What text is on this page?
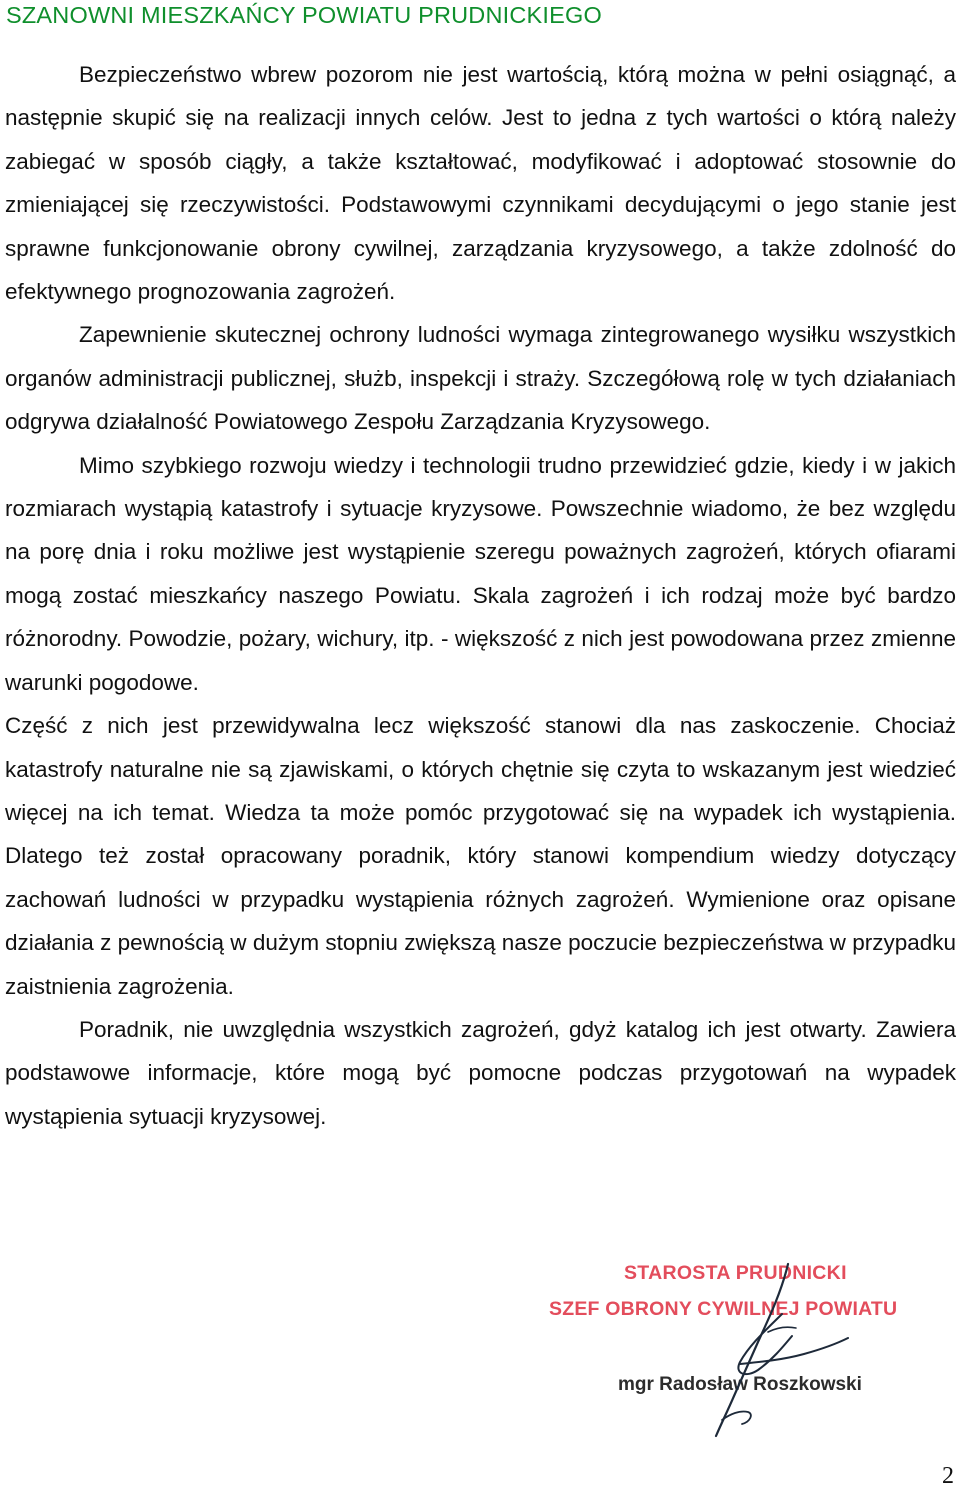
SZANOWNI MIESZKAŃCY POWIATU PRUDNICKIEGO

Bezpieczeństwo wbrew pozorom nie jest wartością, którą można w pełni osiągnąć, a następnie skupić się na realizacji innych celów. Jest to jedna z tych wartości o którą należy zabiegać w sposób ciągły, a także kształtować, modyfikować i adoptować stosownie do zmieniającej się rzeczywistości. Podstawowymi czynnikami decydującymi o jego stanie jest sprawne funkcjonowanie obrony cywilnej, zarządzania kryzysowego, a także zdolność do efektywnego prognozowania zagrożeń.

Zapewnienie skutecznej ochrony ludności wymaga zintegrowanego wysiłku wszystkich organów administracji publicznej, służb, inspekcji i straży. Szczegółową rolę w tych działaniach odgrywa działalność Powiatowego Zespołu Zarządzania Kryzysowego.

Mimo szybkiego rozwoju wiedzy i technologii trudno przewidzieć gdzie, kiedy i w jakich rozmiarach wystąpią katastrofy i sytuacje kryzysowe. Powszechnie wiadomo, że bez względu na porę dnia i roku możliwe jest wystąpienie szeregu poważnych zagrożeń, których ofiarami mogą zostać mieszkańcy naszego Powiatu. Skala zagrożeń i ich rodzaj może być bardzo różnorodny. Powodzie, pożary, wichury, itp. - większość z nich jest powodowana przez zmienne warunki pogodowe.

Część z nich jest przewidywalna lecz większość stanowi dla nas zaskoczenie. Chociaż katastrofy naturalne nie są zjawiskami, o których chętnie się czyta to wskazanym jest wiedzieć więcej na ich temat. Wiedza ta może pomóc przygotować się na wypadek ich wystąpienia. Dlatego też został opracowany poradnik, który stanowi kompendium wiedzy dotyczący zachowań ludności w przypadku wystąpienia różnych zagrożeń. Wymienione oraz opisane działania z pewnością w dużym stopniu zwiększą nasze poczucie bezpieczeństwa w przypadku zaistnienia zagrożenia.

Poradnik, nie uwzględnia wszystkich zagrożeń, gdyż katalog ich jest otwarty. Zawiera podstawowe informacje, które mogą być pomocne podczas przygotowań na wypadek wystąpienia sytuacji kryzysowej.

STAROSTA PRUDNICKI

SZEF OBRONY CYWILNEJ POWIATU

mgr Radosław Roszkowski

2
